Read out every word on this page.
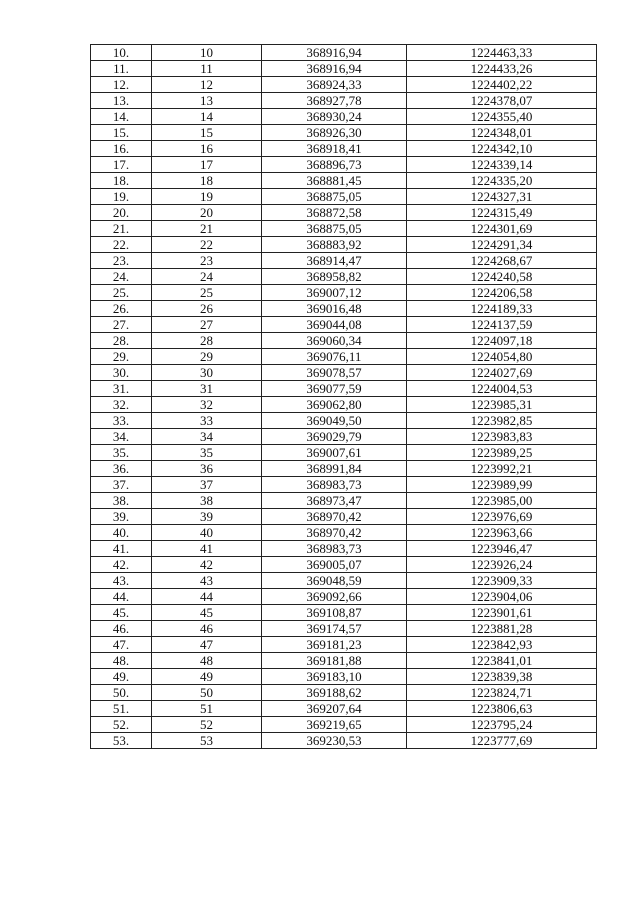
10.	10	368916,94	1224463,33
11.	11	368916,94	1224433,26
12.	12	368924,33	1224402,22
13.	13	368927,78	1224378,07
14.	14	368930,24	1224355,40
15.	15	368926,30	1224348,01
16.	16	368918,41	1224342,10
17.	17	368896,73	1224339,14
18.	18	368881,45	1224335,20
19.	19	368875,05	1224327,31
20.	20	368872,58	1224315,49
21.	21	368875,05	1224301,69
22.	22	368883,92	1224291,34
23.	23	368914,47	1224268,67
24.	24	368958,82	1224240,58
25.	25	369007,12	1224206,58
26.	26	369016,48	1224189,33
27.	27	369044,08	1224137,59
28.	28	369060,34	1224097,18
29.	29	369076,11	1224054,80
30.	30	369078,57	1224027,69
31.	31	369077,59	1224004,53
32.	32	369062,80	1223985,31
33.	33	369049,50	1223982,85
34.	34	369029,79	1223983,83
35.	35	369007,61	1223989,25
36.	36	368991,84	1223992,21
37.	37	368983,73	1223989,99
38.	38	368973,47	1223985,00
39.	39	368970,42	1223976,69
40.	40	368970,42	1223963,66
41.	41	368983,73	1223946,47
42.	42	369005,07	1223926,24
43.	43	369048,59	1223909,33
44.	44	369092,66	1223904,06
45.	45	369108,87	1223901,61
46.	46	369174,57	1223881,28
47.	47	369181,23	1223842,93
48.	48	369181,88	1223841,01
49.	49	369183,10	1223839,38
50.	50	369188,62	1223824,71
51.	51	369207,64	1223806,63
52.	52	369219,65	1223795,24
53.	53	369230,53	1223777,69
